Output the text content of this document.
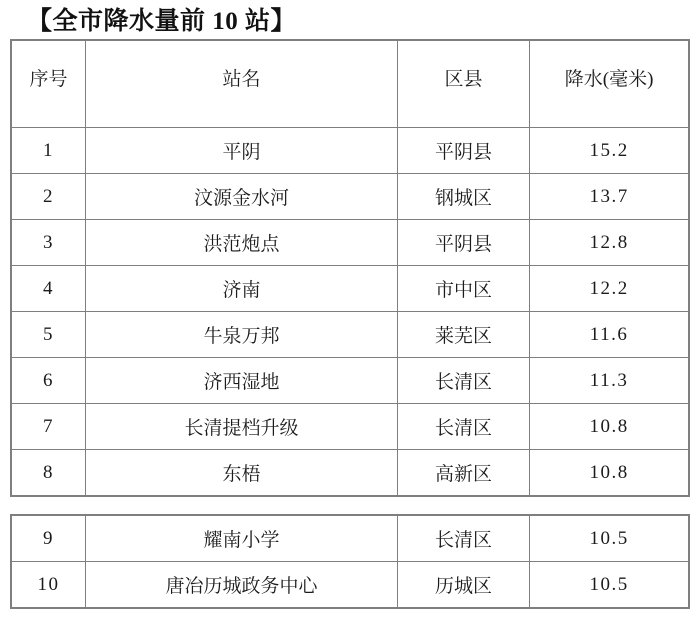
【全市降水量前 10 站】
序号	站名	区县	降水(毫米)
1	平阴	平阴县	15.2
2	汶源金水河	钢城区	13.7
3	洪范炮点	平阴县	12.8
4	济南	市中区	12.2
5	牛泉万邦	莱芜区	11.6
6	济西湿地	长清区	11.3
7	长清提档升级	长清区	10.8
8	东梧	高新区	10.8
9	耀南小学	长清区	10.5
10	唐冶历城政务中心	历城区	10.5
